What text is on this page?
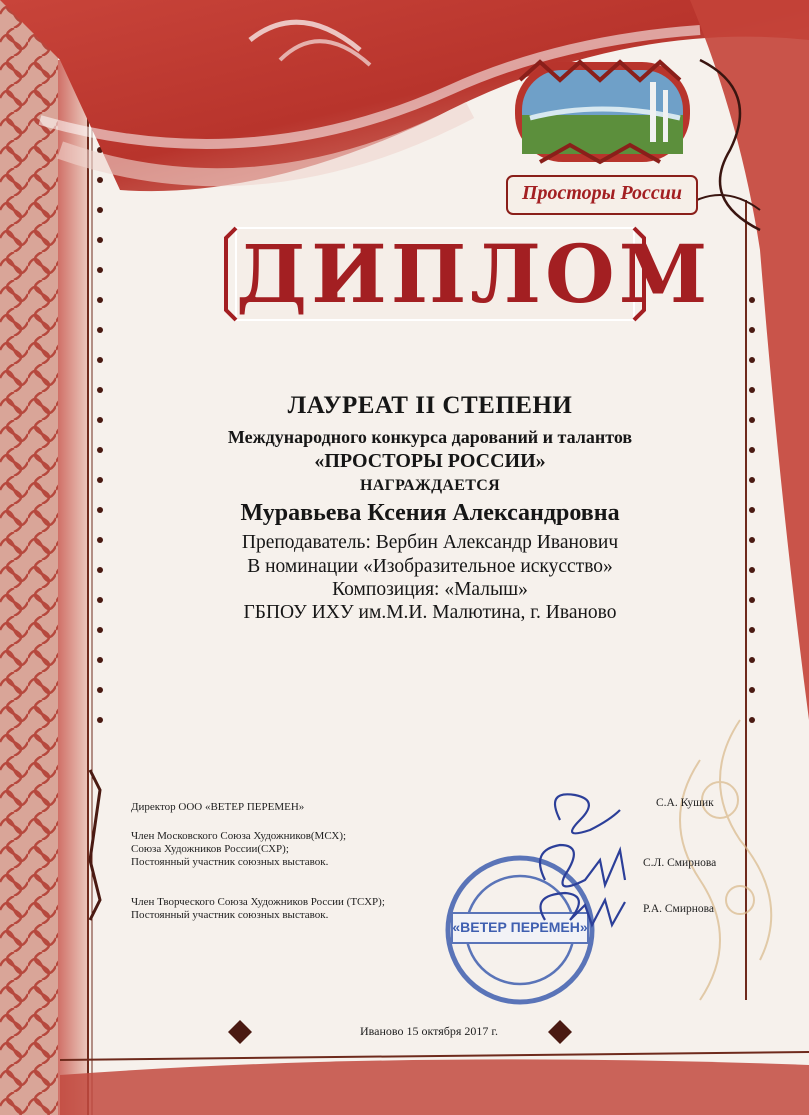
Просторы России
ДИПЛОМ
ЛАУРЕАТ II СТЕПЕНИ
Международного конкурса дарований и талантов
«ПРОСТОРЫ РОССИИ»
НАГРАЖДАЕТСЯ
Муравьева Ксения Александровна
Преподаватель: Вербин Александр Иванович
В номинации «Изобразительное искусство»
Композиция: «Малыш»
ГБПОУ ИХУ им.М.И. Малютина, г. Иваново
Директор ООО «ВЕТЕР ПЕРЕМЕН»
Член Московского Союза Художников(МСХ);
Союза Художников России(СХР);
Постоянный участник союзных выставок.
Член Творческого Союза Художников России (ТСХР);
Постоянный участник союзных выставок.
«ВЕТЕР ПЕРЕМЕН»
С.А. Кушик
С.Л. Смирнова
Р.А. Смирнова
Иваново 15 октября 2017 г.
